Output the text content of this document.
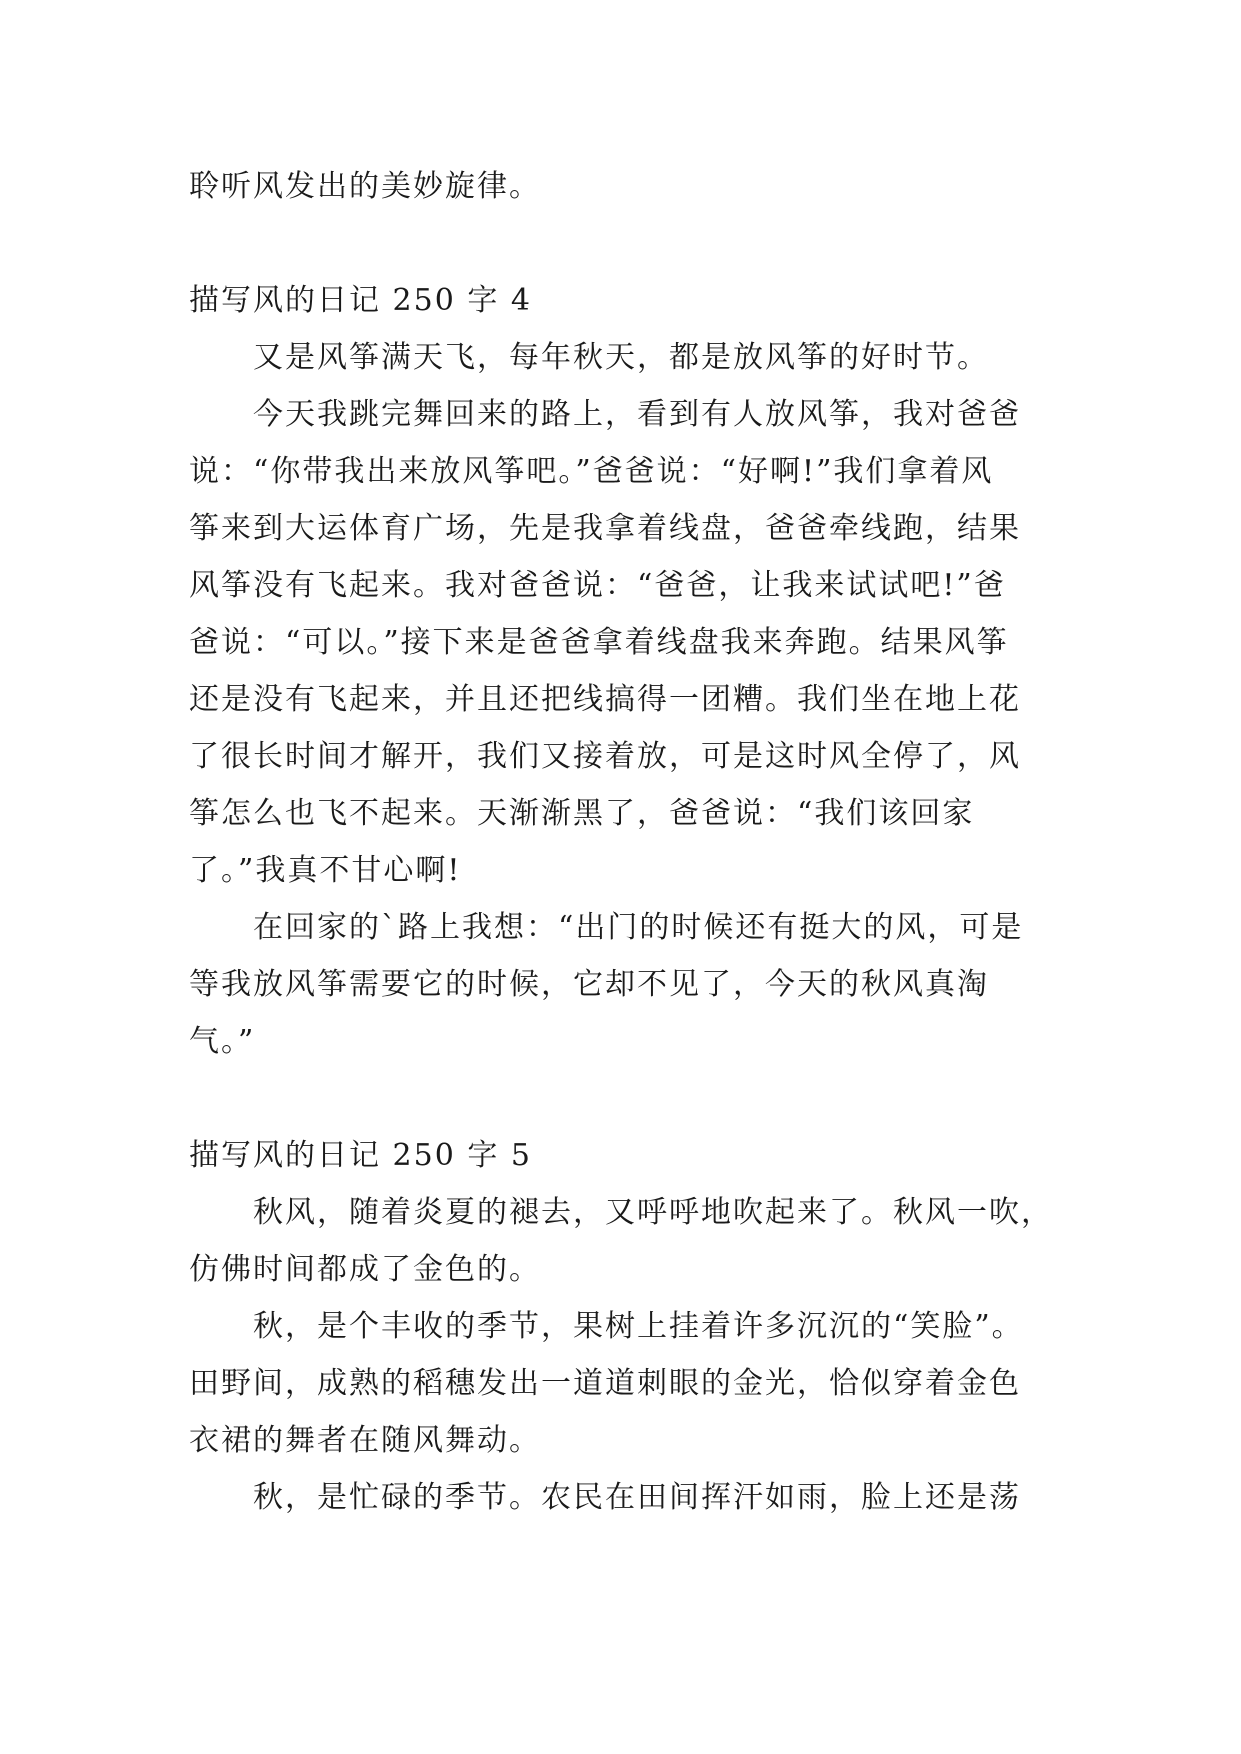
聆听风发出的美妙旋律。

描写风的日记 250 字 4
又是风筝满天飞，每年秋天，都是放风筝的好时节。
今天我跳完舞回来的路上，看到有人放风筝，我对爸爸
说：“你带我出来放风筝吧。”爸爸说：“好啊!”我们拿着风
筝来到大运体育广场，先是我拿着线盘，爸爸牵线跑，结果
风筝没有飞起来。我对爸爸说：“爸爸，让我来试试吧!”爸
爸说：“可以。”接下来是爸爸拿着线盘我来奔跑。结果风筝
还是没有飞起来，并且还把线搞得一团糟。我们坐在地上花
了很长时间才解开，我们又接着放，可是这时风全停了，风
筝怎么也飞不起来。天渐渐黑了，爸爸说：“我们该回家
了。”我真不甘心啊!
在回家的`路上我想：“出门的时候还有挺大的风，可是
等我放风筝需要它的时候，它却不见了，今天的秋风真淘
气。”
描写风的日记 250 字 5
秋风，随着炎夏的褪去，又呼呼地吹起来了。秋风一吹，
仿佛时间都成了金色的。
秋，是个丰收的季节，果树上挂着许多沉沉的“笑脸”。
田野间，成熟的稻穗发出一道道刺眼的金光，恰似穿着金色
衣裙的舞者在随风舞动。
秋，是忙碌的季节。农民在田间挥汗如雨，脸上还是荡
